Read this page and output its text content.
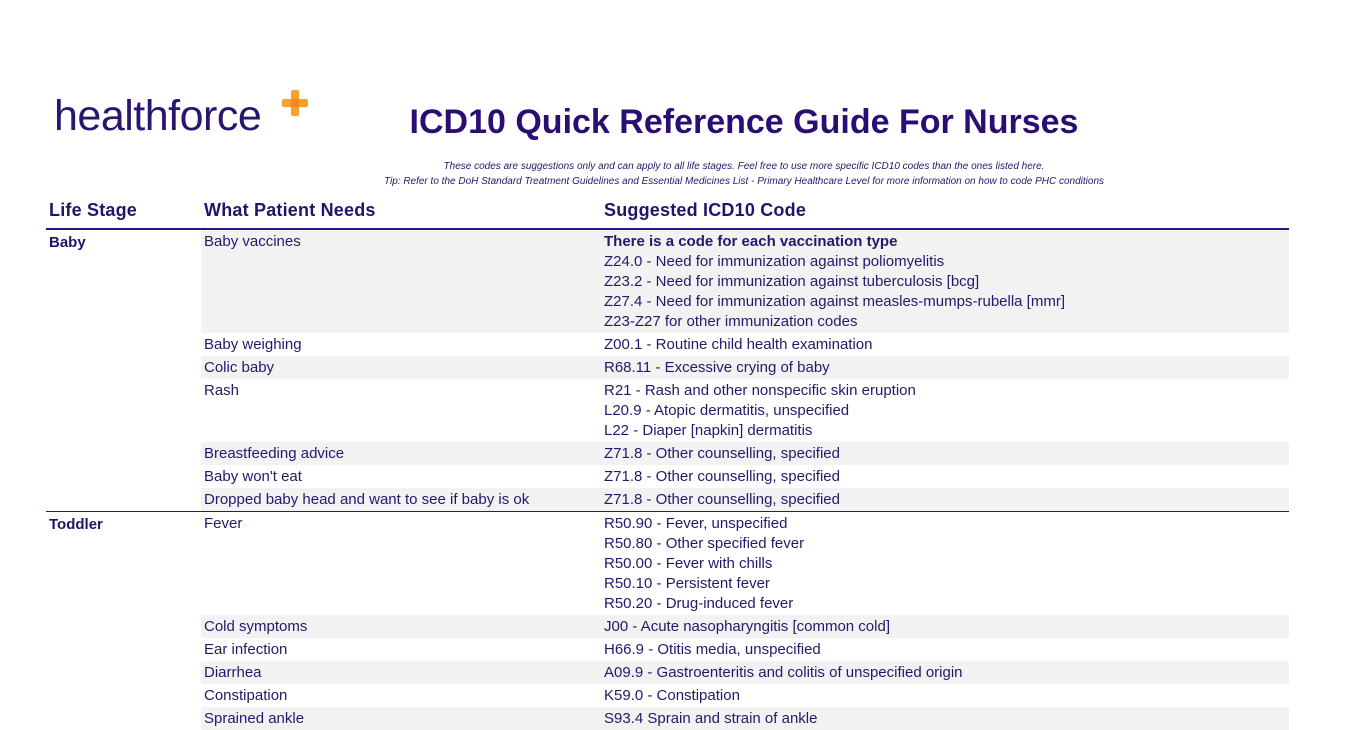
healthforce	ICD10 Quick Reference Guide For Nurses
These codes are suggestions only and can apply to all life stages. Feel free to use more specific ICD10 codes than the ones listed here.
Tip: Refer to the DoH Standard Treatment Guidelines and Essential Medicines List - Primary Healthcare Level for more information on how to code PHC conditions
Life Stage	What Patient Needs	Suggested ICD10 Code
Baby	Baby vaccines	There is a code for each vaccination type
Z24.0 - Need for immunization against poliomyelitis
Z23.2 - Need for immunization against tuberculosis [bcg]
Z27.4 - Need for immunization against measles-mumps-rubella [mmr]
Z23-Z27 for other immunization codes
Baby weighing	Z00.1 - Routine child health examination
Colic baby	R68.11 - Excessive crying of baby
Rash	R21 - Rash and other nonspecific skin eruption
L20.9 - Atopic dermatitis, unspecified
L22 - Diaper [napkin] dermatitis
Breastfeeding advice	Z71.8 - Other counselling, specified
Baby won't eat	Z71.8 - Other counselling, specified
Dropped baby head and want to see if baby is ok	Z71.8 - Other counselling, specified
Toddler	Fever	R50.90 - Fever, unspecified
R50.80 - Other specified fever
R50.00 - Fever with chills
R50.10 - Persistent fever
R50.20 - Drug-induced fever
Cold symptoms	J00 - Acute nasopharyngitis [common cold]
Ear infection	H66.9 - Otitis media, unspecified
Diarrhea	A09.9 - Gastroenteritis and colitis of unspecified origin
Constipation	K59.0 - Constipation
Sprained ankle	S93.4 Sprain and strain of ankle
